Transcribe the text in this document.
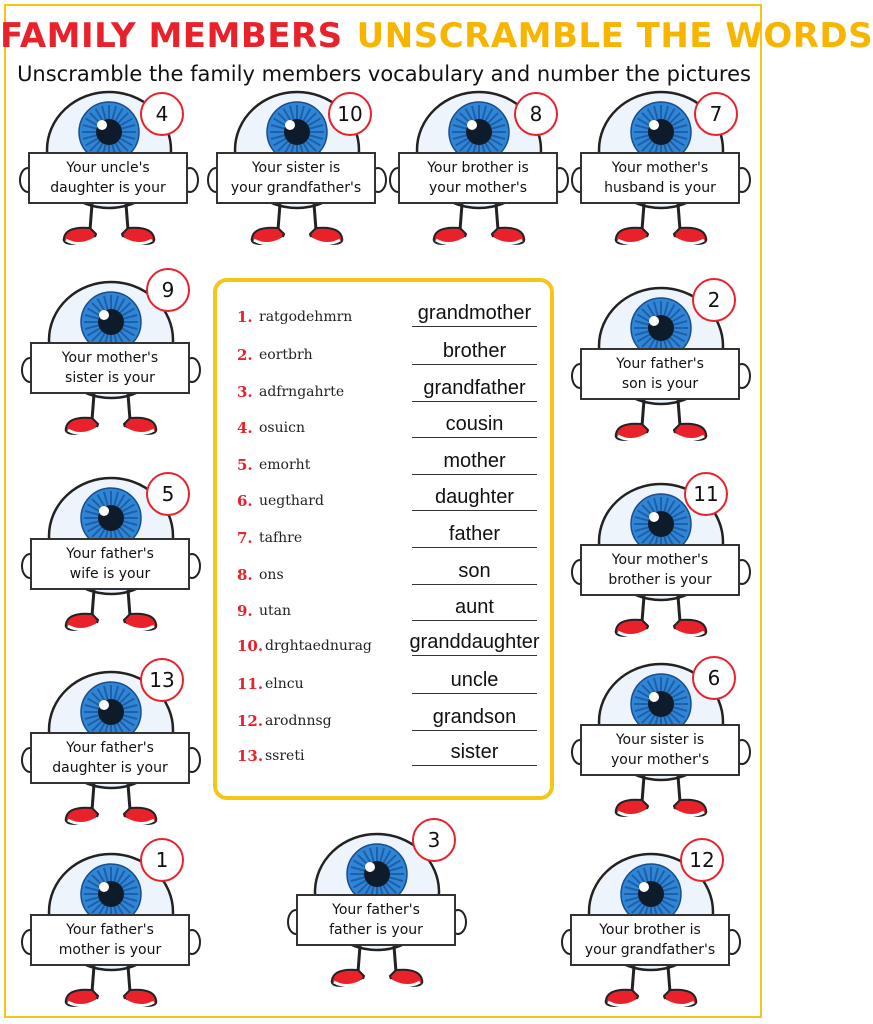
FAMILY MEMBERS UNSCRAMBLE THE WORDS
Unscramble the family members vocabulary and number the pictures
Your uncle's
daughter is your
4
Your sister is
your grandfather's
10
Your brother is
your mother's
8
Your mother's
husband is your
7
Your mother's
sister is your
9
Your father's
son is your
2
Your father's
wife is your
5
Your mother's
brother is your
11
Your father's
daughter is your
13
Your sister is
your mother's
6
Your father's
mother is your
1
Your father's
father is your
3
Your brother is
your grandfather's
12
1. ratgodehmrn	grandmother
2. eortbrh	brother
3. adfrngahrte	grandfather
4. osuicn	cousin
5. emorht	mother
6. uegthard	daughter
7. tafhre	father
8. ons	son
9. utan	aunt
10. drghtaednurag	granddaughter
11. elncu	uncle
12. arodnnsg	grandson
13. ssreti	sister
